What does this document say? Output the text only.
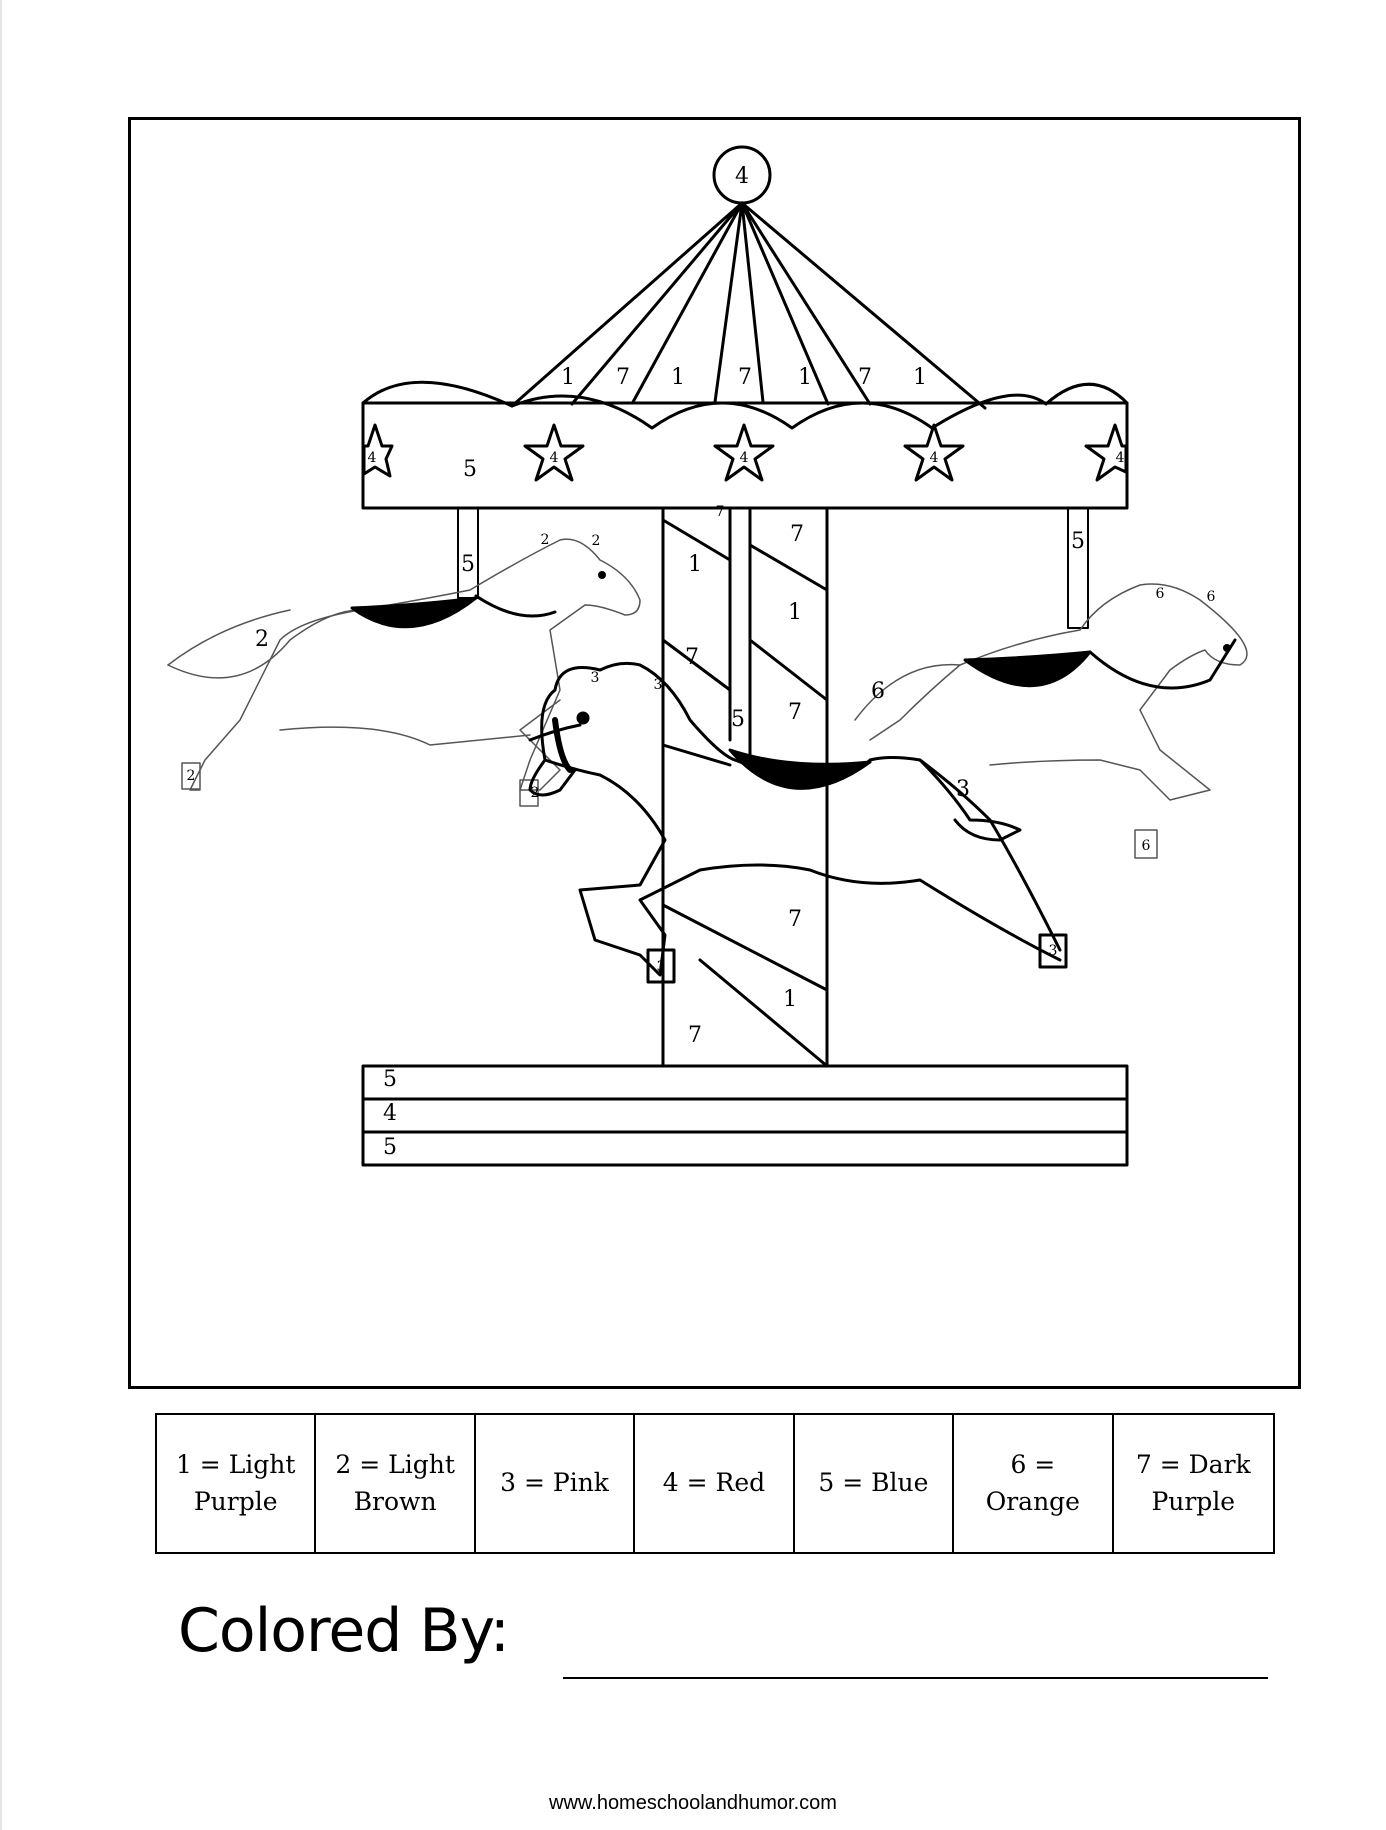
4
1 7 1 7 1 7 1
5	4	4	4
4	4
5
5
5
7
1
7
1
7
7
7
1
7
5
4
5
2
2	2
2
2
3	3
3
3
3
6
6	6
6
1 = Light
Purple
2 = Light
Brown
3 = Pink 4 = Red 5 = Blue
6 = Orange
7 = Dark
Purple
Colored By:
www.homeschoolandhumor.com
